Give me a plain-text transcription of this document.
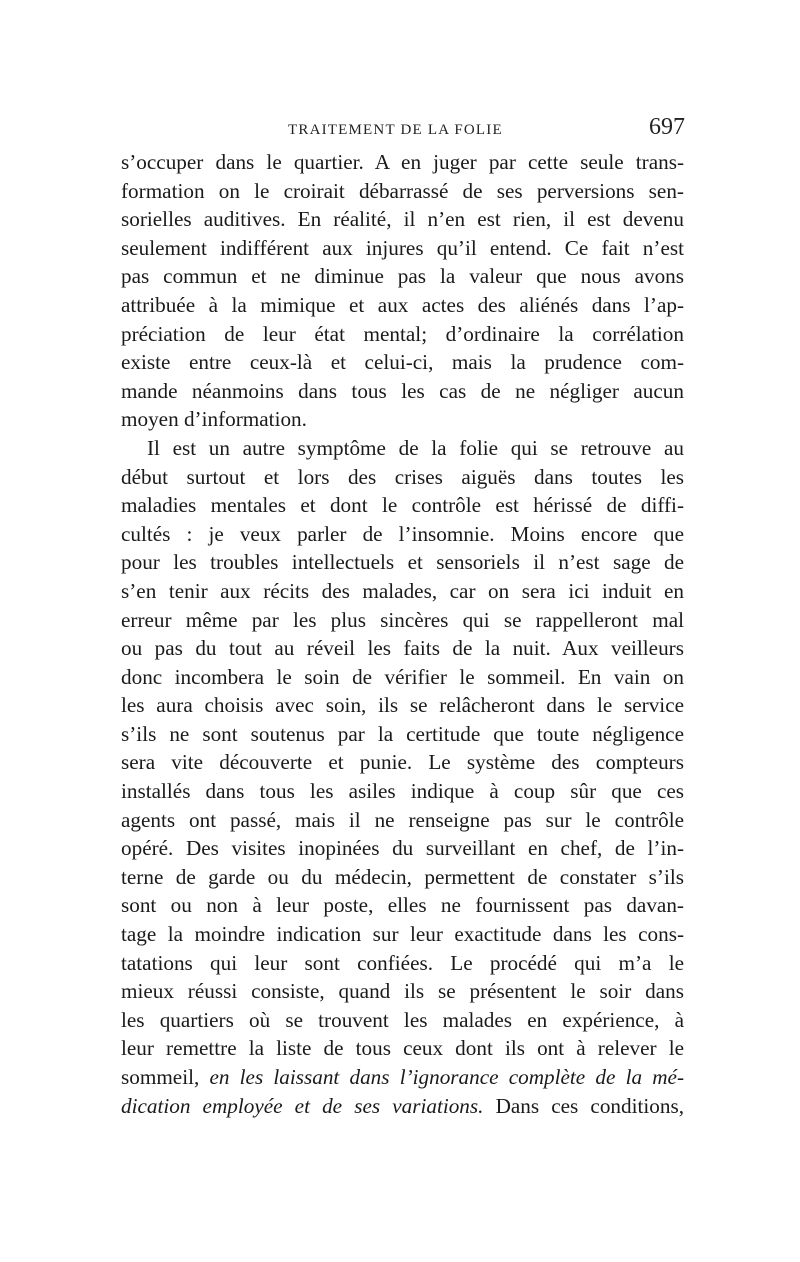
TRAITEMENT DE LA FOLIE	697
s’occuper dans le quartier. A en juger par cette seule trans-
formation on le croirait débarrassé de ses perversions sen-
sorielles auditives. En réalité, il n’en est rien, il est devenu
seulement indifférent aux injures qu’il entend. Ce fait n’est
pas commun et ne diminue pas la valeur que nous avons
attribuée à la mimique et aux actes des aliénés dans l’ap-
préciation de leur état mental; d’ordinaire la corrélation
existe entre ceux-là et celui-ci, mais la prudence com-
mande néanmoins dans tous les cas de ne négliger aucun
moyen d’information.
Il est un autre symptôme de la folie qui se retrouve au
début surtout et lors des crises aiguës dans toutes les
maladies mentales et dont le contrôle est hérissé de diffi-
cultés : je veux parler de l’insomnie. Moins encore que
pour les troubles intellectuels et sensoriels il n’est sage de
s’en tenir aux récits des malades, car on sera ici induit en
erreur même par les plus sincères qui se rappelleront mal
ou pas du tout au réveil les faits de la nuit. Aux veilleurs
donc incombera le soin de vérifier le sommeil. En vain on
les aura choisis avec soin, ils se relâcheront dans le service
s’ils ne sont soutenus par la certitude que toute négligence
sera vite découverte et punie. Le système des compteurs
installés dans tous les asiles indique à coup sûr que ces
agents ont passé, mais il ne renseigne pas sur le contrôle
opéré. Des visites inopinées du surveillant en chef, de l’in-
terne de garde ou du médecin, permettent de constater s’ils
sont ou non à leur poste, elles ne fournissent pas davan-
tage la moindre indication sur leur exactitude dans les cons-
tatations qui leur sont confiées. Le procédé qui m’a le
mieux réussi consiste, quand ils se présentent le soir dans
les quartiers où se trouvent les malades en expérience, à
leur remettre la liste de tous ceux dont ils ont à relever le
sommeil, en les laissant dans l’ignorance complète de la mé-
dication employée et de ses variations. Dans ces conditions,
